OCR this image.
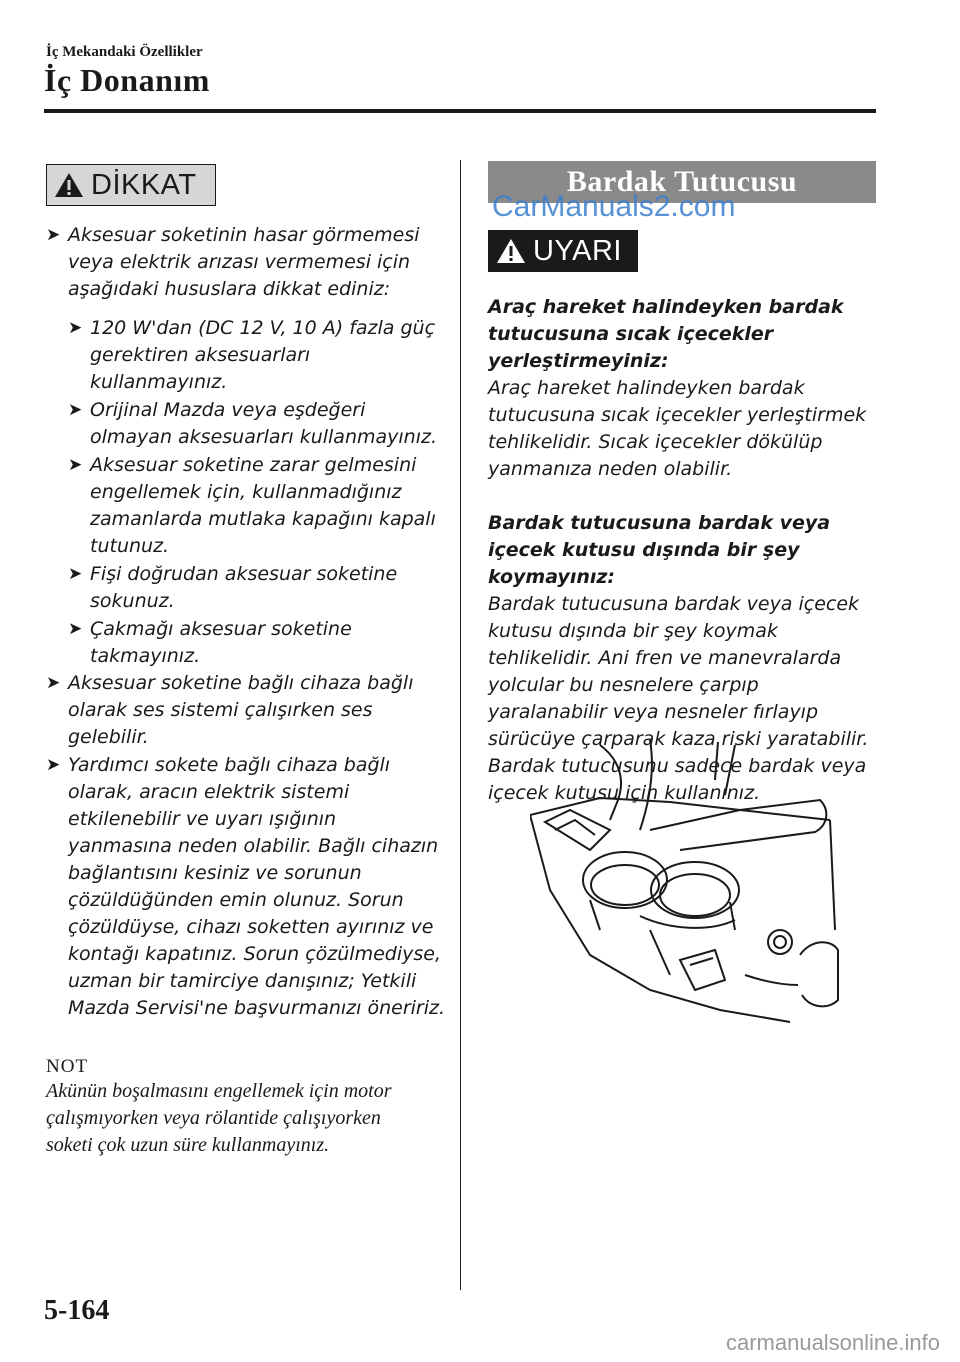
İç Mekandaki Özellikler
İç Donanım
DİKKAT
➤ Aksesuar soketinin hasar görmemesi veya elektrik arızası vermemesi için aşağıdaki hususlara dikkat ediniz:
➤ 120 W'dan (DC 12 V, 10 A) fazla güç gerektiren aksesuarları kullanmayınız.
➤ Orijinal Mazda veya eşdeğeri olmayan aksesuarları kullanmayınız.
➤ Aksesuar soketine zarar gelmesini engellemek için, kullanmadığınız zamanlarda mutlaka kapağını kapalı tutunuz.
➤ Fişi doğrudan aksesuar soketine sokunuz.
➤ Çakmağı aksesuar soketine takmayınız.
➤ Aksesuar soketine bağlı cihaza bağlı olarak ses sistemi çalışırken ses gelebilir.
➤ Yardımcı sokete bağlı cihaza bağlı olarak, aracın elektrik sistemi etkilenebilir ve uyarı ışığının yanmasına neden olabilir. Bağlı cihazın bağlantısını kesiniz ve sorunun çözüldüğünden emin olunuz. Sorun çözüldüyse, cihazı soketten ayırınız ve kontağı kapatınız. Sorun çözülmediyse, uzman bir tamirciye danışınız; Yetkili Mazda Servisi'ne başvurmanızı öneririz.
NOT
Akünün boşalmasını engellemek için motor çalışmıyorken veya rölantide çalışıyorken soketi çok uzun süre kullanmayınız.
Bardak Tutucusu
CarManuals2.com
UYARI
Araç hareket halindeyken bardak tutucusuna sıcak içecekler yerleştirmeyiniz:
Araç hareket halindeyken bardak tutucusuna sıcak içecekler yerleştirmek tehlikelidir. Sıcak içecekler dökülüp yanmanıza neden olabilir.
Bardak tutucusuna bardak veya içecek kutusu dışında bir şey koymayınız:
Bardak tutucusuna bardak veya içecek kutusu dışında bir şey koymak tehlikelidir. Ani fren ve manevralarda yolcular bu nesnelere çarpıp yaralanabilir veya nesneler fırlayıp sürücüye çarparak kaza riski yaratabilir. Bardak tutucusunu sadece bardak veya içecek kutusu için kullanınız.
5-164
carmanualsonline.info
